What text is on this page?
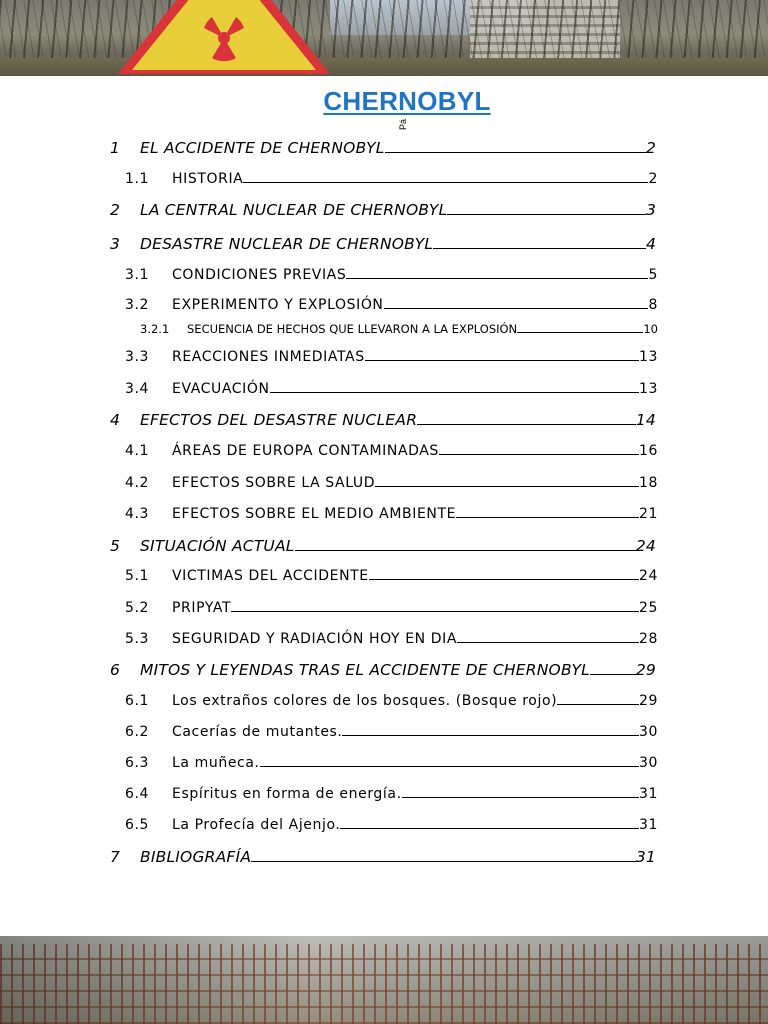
CHERNOBYL
Pá
1	EL ACCIDENTE DE CHERNOBYL	2
1.1	HISTORIA	2
2	LA CENTRAL NUCLEAR DE CHERNOBYL	3
3	DESASTRE NUCLEAR DE CHERNOBYL	4
3.1	CONDICIONES PREVIAS	5
3.2	EXPERIMENTO Y EXPLOSIÓN	8
3.2.1	SECUENCIA DE HECHOS QUE LLEVARON A LA EXPLOSIÓN	10
3.3	REACCIONES INMEDIATAS	13
3.4	EVACUACIÓN	13
4	EFECTOS DEL DESASTRE NUCLEAR	14
4.1	ÁREAS DE EUROPA CONTAMINADAS	16
4.2	EFECTOS SOBRE LA SALUD	18
4.3	EFECTOS SOBRE EL MEDIO AMBIENTE	21
5	SITUACIÓN ACTUAL	24
5.1	VICTIMAS DEL ACCIDENTE	24
5.2	PRIPYAT	25
5.3	SEGURIDAD Y RADIACIÓN HOY EN DIA	28
6	MITOS Y LEYENDAS TRAS EL ACCIDENTE DE CHERNOBYL	29
6.1	Los extraños colores de los bosques. (Bosque rojo)	29
6.2	Cacerías de mutantes.	30
6.3	La muñeca.	30
6.4	Espíritus en forma de energía.	31
6.5	La Profecía del Ajenjo.	31
7	BIBLIOGRAFÍA	31
